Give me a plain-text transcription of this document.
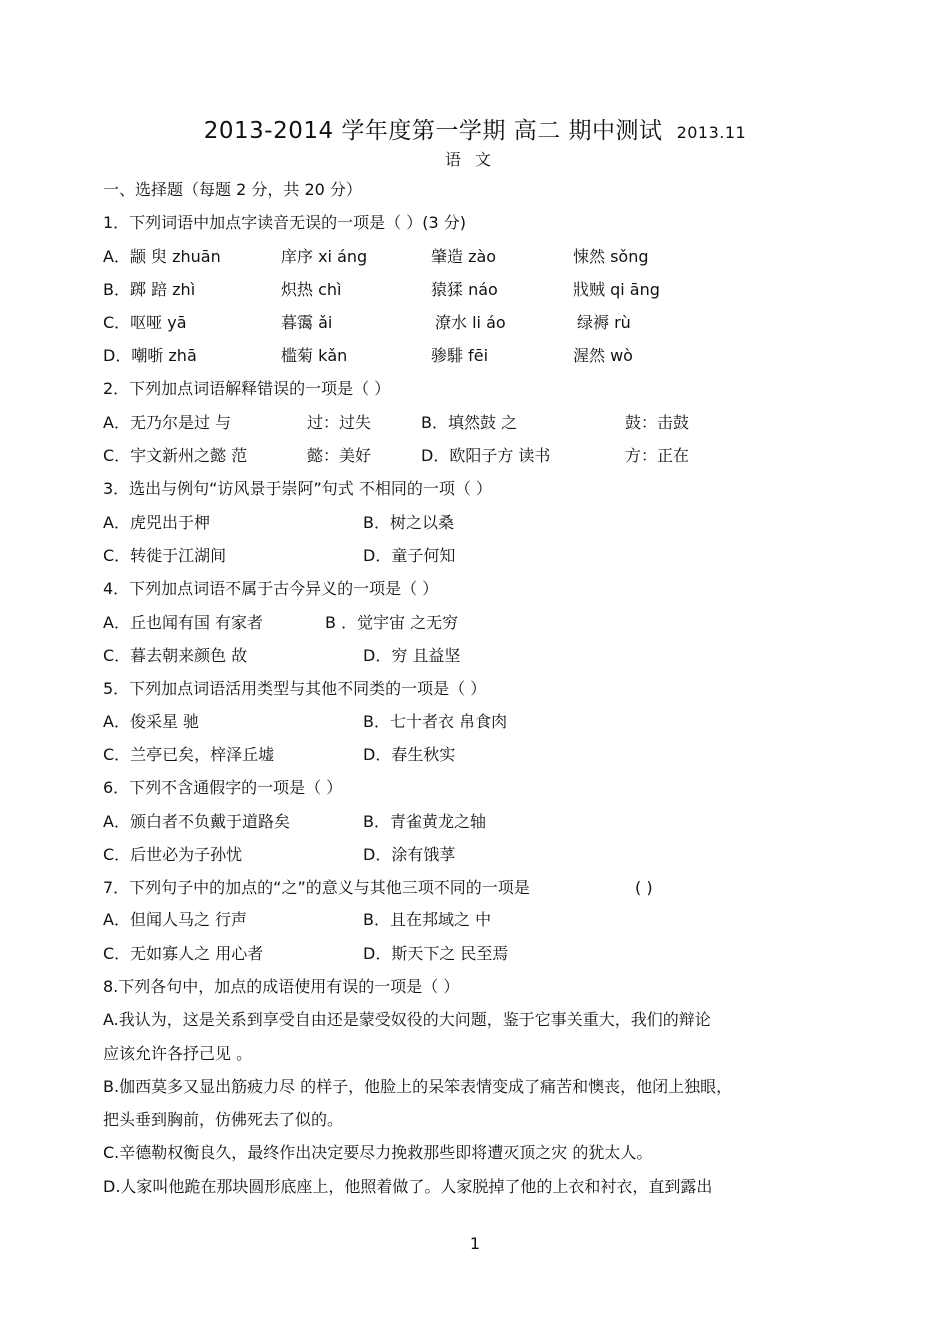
2013-2014 学年度第一学期 高二 期中测试 2013.11
语文
一、选择题（每题 2 分，共 20 分）
1．下列词语中加点字读音无误的一项是（ ）(3 分)
A．颛 臾 zhuān	庠序 xi áng	肇造 zào	悚然 sǒng
B．踯 踣 zhì	炽热 chì	猿猱 náo	戕贼 qi āng
C．呕哑 yā	暮霭 ǎi	潦水 li áo	绿褥 rù
D．嘲哳 zhā	槛菊 kǎn	骖騑 fēi	渥然 wò
2．下列加点词语解释错误的一项是（ ）
A．无乃尔是过 与	过：过失	B．填然鼓 之	鼓：击鼓
C．宇文新州之懿 范	懿：美好	D．欧阳子方 读书	方：正在
3．选出与例句“访风景于崇阿”句式 不相同的一项（ ）
A．虎兕出于柙	B．树之以桑
C．转徙于江湖间	D．童子何知
4．下列加点词语不属于古今异义的一项是（ ）
A．丘也闻有国 有家者	B ．觉宇宙 之无穷
C．暮去朝来颜色 故	D．穷 且益坚
5．下列加点词语活用类型与其他不同类的一项是（ ）
A．俊采星 驰	B．七十者衣 帛食肉
C．兰亭已矣，梓泽丘墟	D．春生秋实
6．下列不含通假字的一项是（ ）
A．颁白者不负戴于道路矣	B．青雀黄龙之轴
C．后世必为子孙忧	D．涂有饿莩
7．下列句子中的加点的“之”的意义与其他三项不同的一项是	( )
A．但闻人马之 行声	B．且在邦域之 中
C．无如寡人之 用心者	D．斯天下之 民至焉
8.下列各句中，加点的成语使用有误的一项是（ ）
A.我认为，这是关系到享受自由还是蒙受奴役的大问题，鉴于它事关重大，我们的辩论
应该允许各抒己见 。
B.伽西莫多又显出筋疲力尽 的样子，他脸上的呆笨表情变成了痛苦和懊丧，他闭上独眼，
把头垂到胸前，仿佛死去了似的。
C.辛德勒权衡良久，最终作出决定要尽力挽救那些即将遭灭顶之灾 的犹太人。
D.人家叫他跪在那块圆形底座上，他照着做了。人家脱掉了他的上衣和衬衣，直到露出
1
